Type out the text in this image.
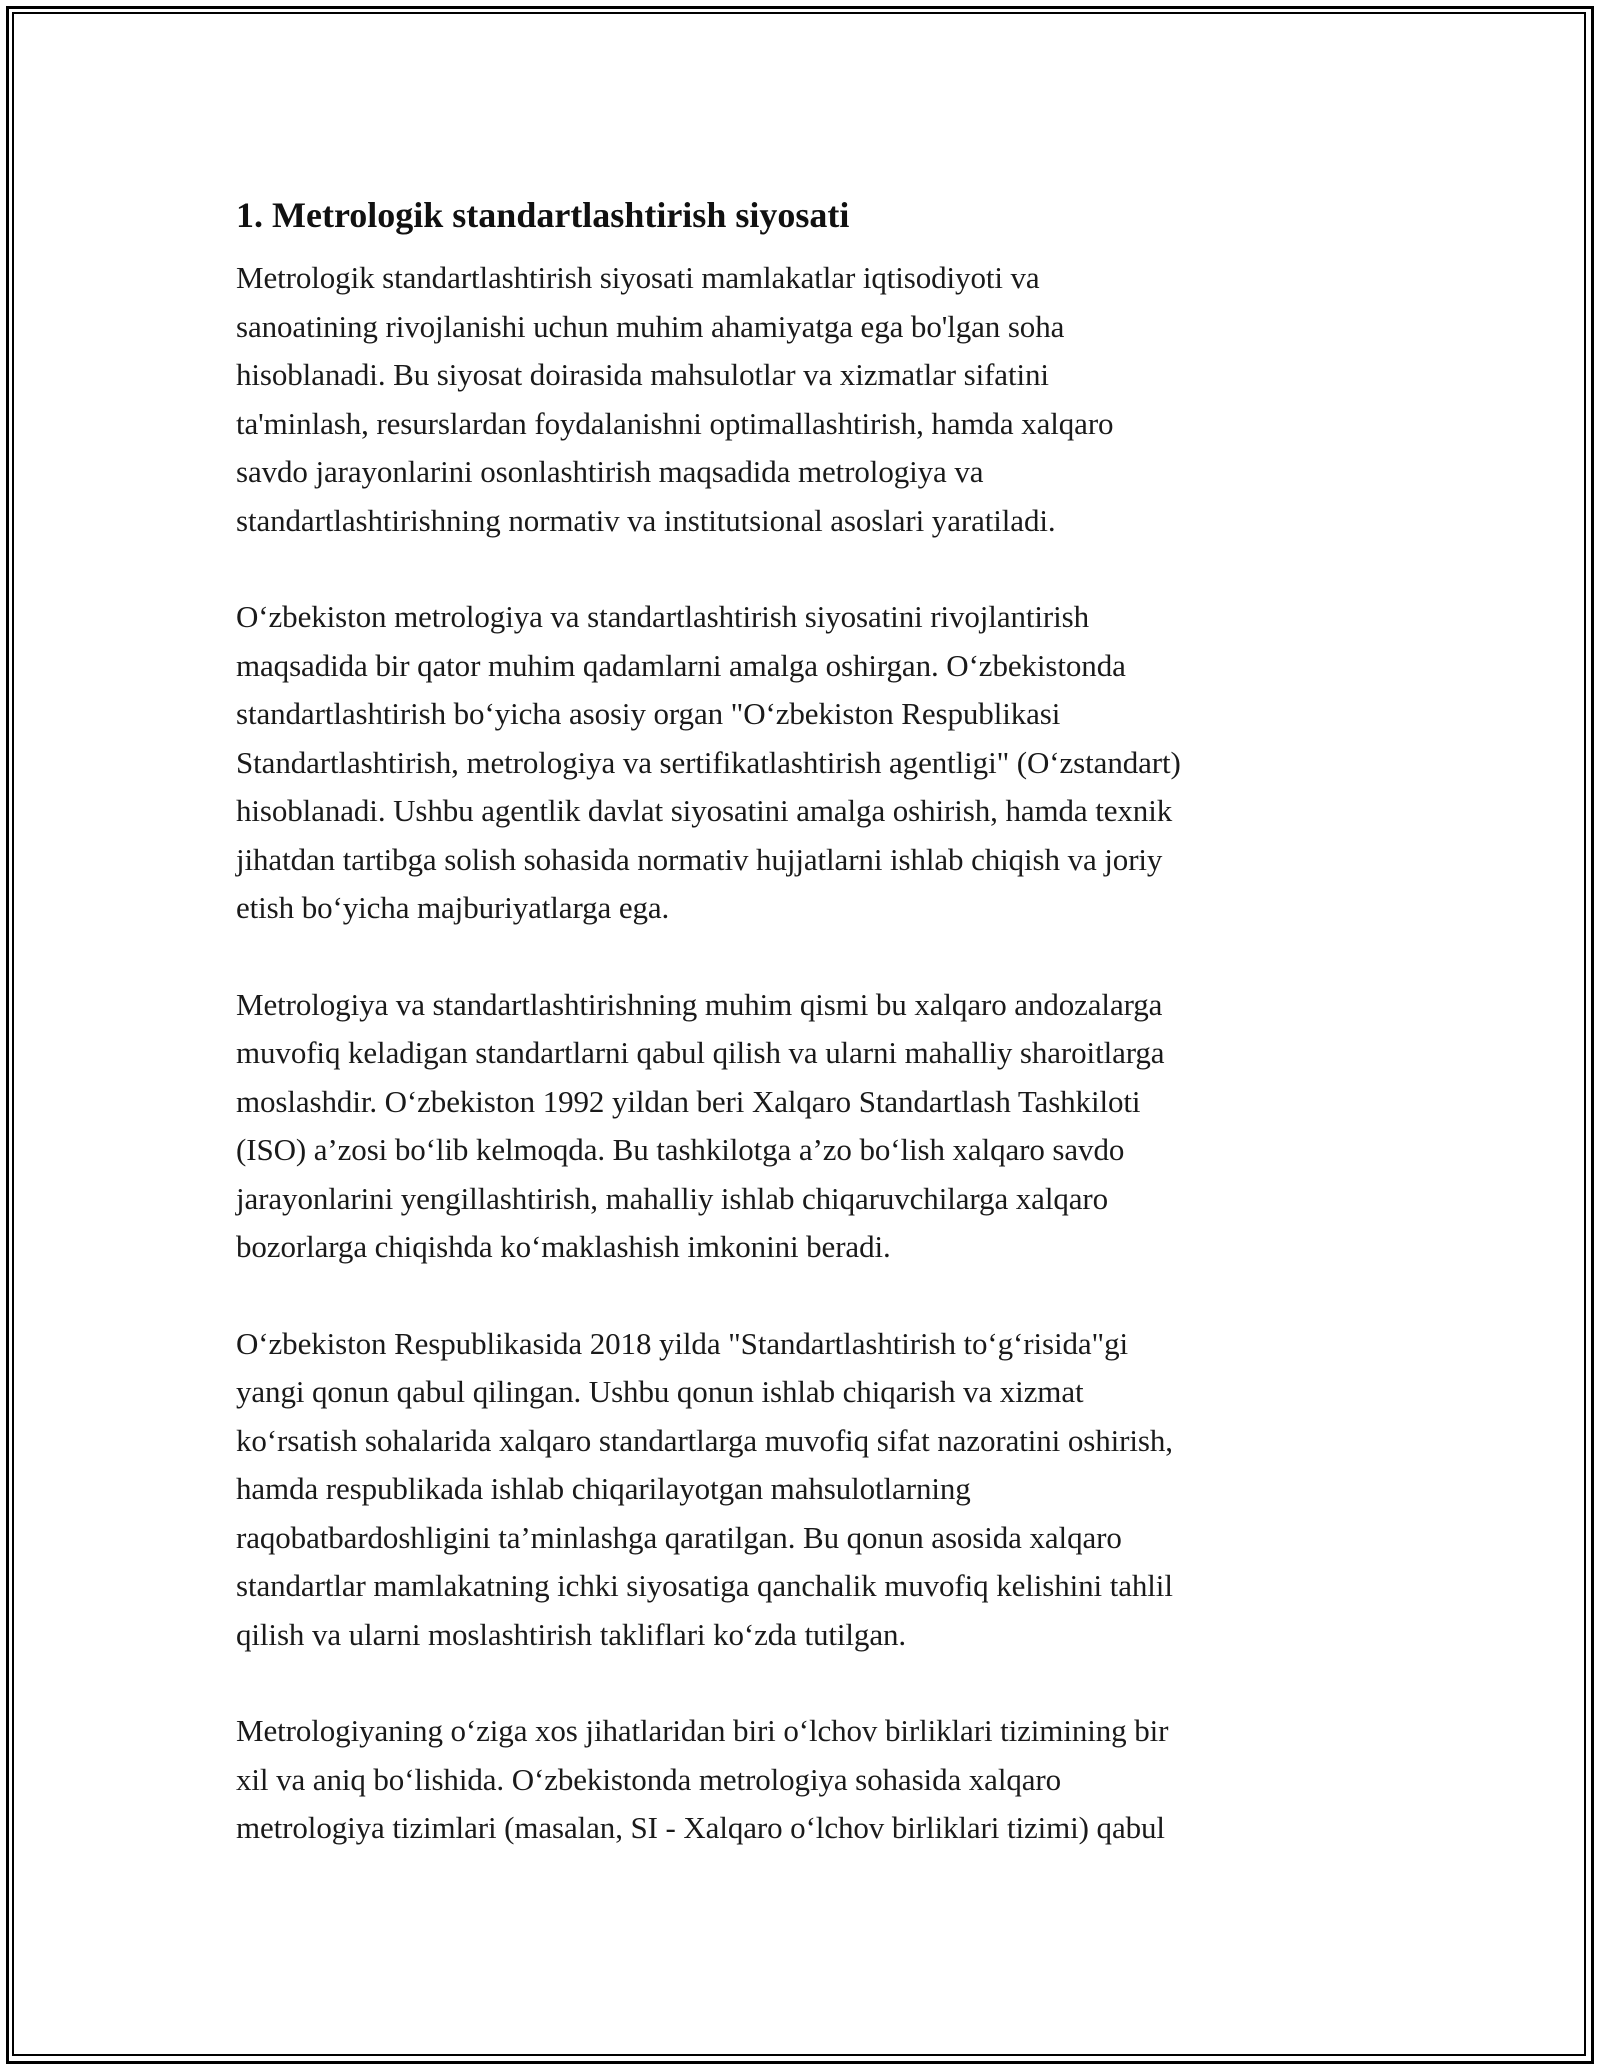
1. Metrologik standartlashtirish siyosati

Metrologik standartlashtirish siyosati mamlakatlar iqtisodiyoti va
sanoatining rivojlanishi uchun muhim ahamiyatga ega bo'lgan soha
hisoblanadi. Bu siyosat doirasida mahsulotlar va xizmatlar sifatini
ta'minlash, resurslardan foydalanishni optimallashtirish, hamda xalqaro
savdo jarayonlarini osonlashtirish maqsadida metrologiya va
standartlashtirishning normativ va institutsional asoslari yaratiladi.

O‘zbekiston metrologiya va standartlashtirish siyosatini rivojlantirish
maqsadida bir qator muhim qadamlarni amalga oshirgan. O‘zbekistonda
standartlashtirish bo‘yicha asosiy organ "O‘zbekiston Respublikasi
Standartlashtirish, metrologiya va sertifikatlashtirish agentligi" (O‘zstandart)
hisoblanadi. Ushbu agentlik davlat siyosatini amalga oshirish, hamda texnik
jihatdan tartibga solish sohasida normativ hujjatlarni ishlab chiqish va joriy
etish bo‘yicha majburiyatlarga ega.

Metrologiya va standartlashtirishning muhim qismi bu xalqaro andozalarga
muvofiq keladigan standartlarni qabul qilish va ularni mahalliy sharoitlarga
moslashdir. O‘zbekiston 1992 yildan beri Xalqaro Standartlash Tashkiloti
(ISO) a’zosi bo‘lib kelmoqda. Bu tashkilotga a’zo bo‘lish xalqaro savdo
jarayonlarini yengillashtirish, mahalliy ishlab chiqaruvchilarga xalqaro
bozorlarga chiqishda ko‘maklashish imkonini beradi.

O‘zbekiston Respublikasida 2018 yilda "Standartlashtirish to‘g‘risida"gi
yangi qonun qabul qilingan. Ushbu qonun ishlab chiqarish va xizmat
ko‘rsatish sohalarida xalqaro standartlarga muvofiq sifat nazoratini oshirish,
hamda respublikada ishlab chiqarilayotgan mahsulotlarning
raqobatbardoshligini ta’minlashga qaratilgan. Bu qonun asosida xalqaro
standartlar mamlakatning ichki siyosatiga qanchalik muvofiq kelishini tahlil
qilish va ularni moslashtirish takliflari ko‘zda tutilgan.

Metrologiyaning o‘ziga xos jihatlaridan biri o‘lchov birliklari tizimining bir
xil va aniq bo‘lishida. O‘zbekistonda metrologiya sohasida xalqaro
metrologiya tizimlari (masalan, SI - Xalqaro o‘lchov birliklari tizimi) qabul
